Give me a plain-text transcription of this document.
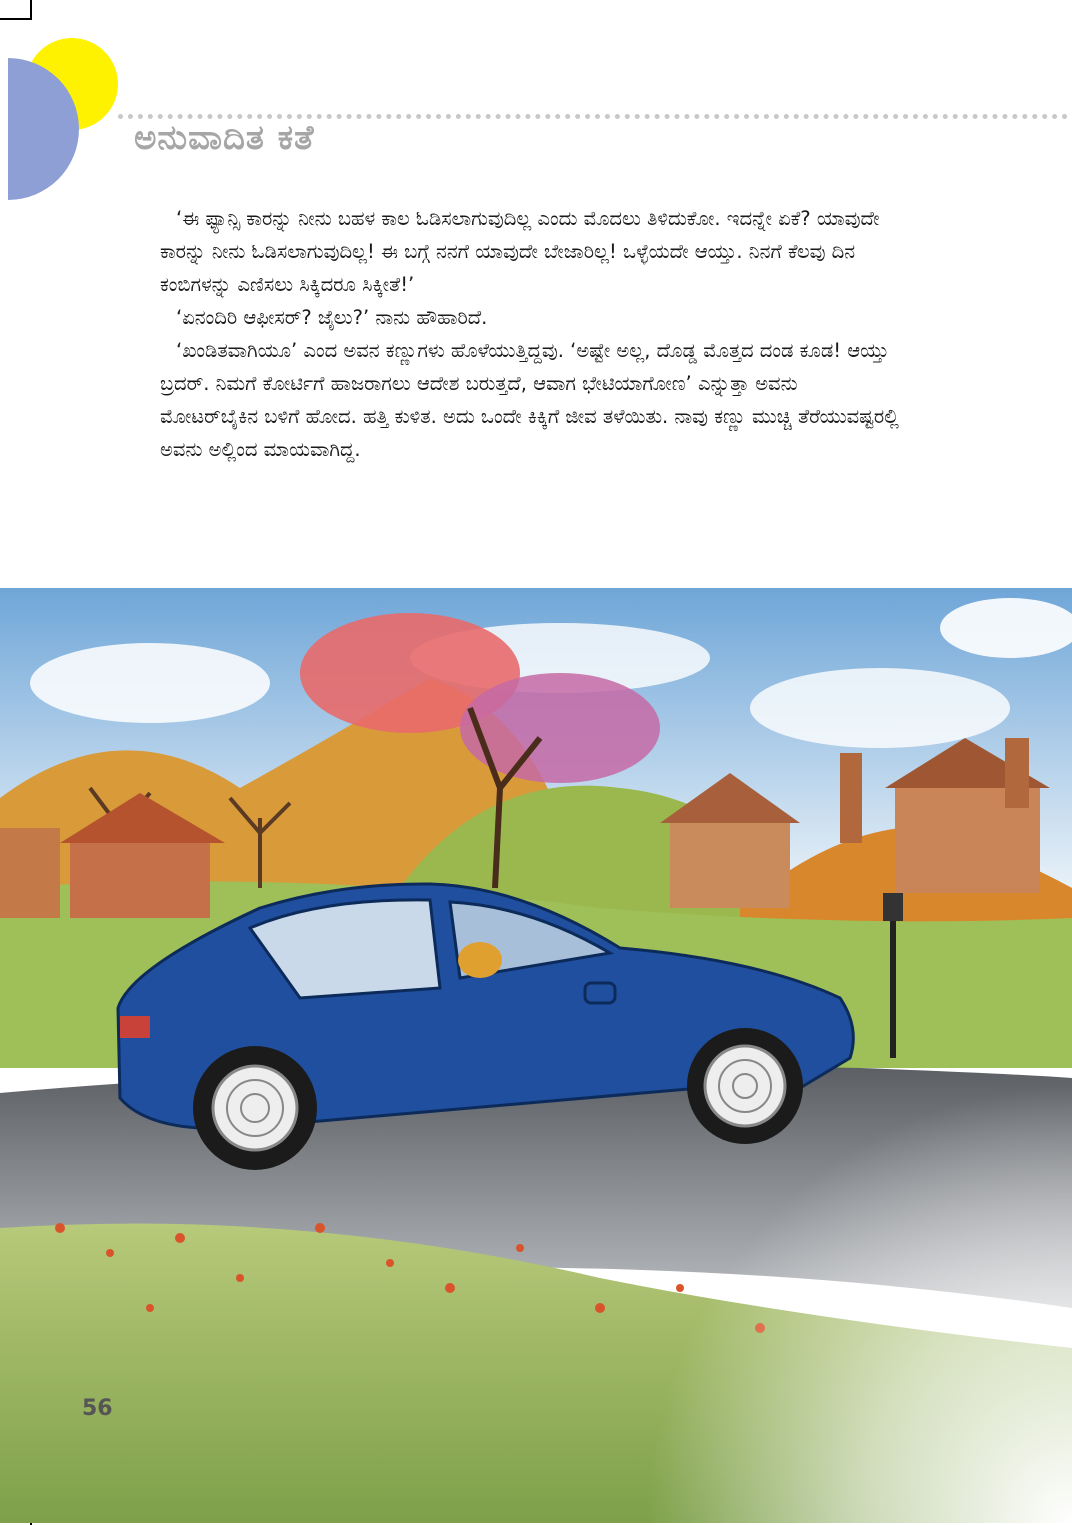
ಅನುವಾದಿತ ಕತೆ

‘ಈ ಫ್ಯಾನ್ಸಿ ಕಾರನ್ನು ನೀನು ಬಹಳ ಕಾಲ ಓಡಿಸಲಾಗುವುದಿಲ್ಲ ಎಂದು ಮೊದಲು ತಿಳಿದುಕೋ. ಇದನ್ನೇ ಏಕೆ? ಯಾವುದೇ ಕಾರನ್ನು ನೀನು ಓಡಿಸಲಾಗುವುದಿಲ್ಲ! ಈ ಬಗ್ಗೆ ನನಗೆ ಯಾವುದೇ ಬೇಜಾರಿಲ್ಲ! ಒಳ್ಳೆಯದೇ ಆಯ್ತು. ನಿನಗೆ ಕೆಲವು ದಿನ ಕಂಬಿಗಳನ್ನು ಎಣಿಸಲು ಸಿಕ್ಕಿದರೂ ಸಿಕ್ಕೀತೆ!’

‘ಏನಂದಿರಿ ಆಫೀಸರ್? ಜೈಲು?’ ನಾನು ಹೌಹಾರಿದೆ.

‘ಖಂಡಿತವಾಗಿಯೂ’ ಎಂದ ಅವನ ಕಣ್ಣುಗಳು ಹೊಳೆಯುತ್ತಿದ್ದವು. ‘ಅಷ್ಟೇ ಅಲ್ಲ, ದೊಡ್ಡ ಮೊತ್ತದ ದಂಡ ಕೂಡ! ಆಯ್ತು ಬ್ರದರ್. ನಿಮಗೆ ಕೋರ್ಟಿಗೆ ಹಾಜರಾಗಲು ಆದೇಶ ಬರುತ್ತದೆ, ಆವಾಗ ಭೇಟಿಯಾಗೋಣ’ ಎನ್ನುತ್ತಾ ಅವನು ಮೋಟರ್‌ಬೈಕಿನ ಬಳಿಗೆ ಹೋದ. ಹತ್ತಿ ಕುಳಿತ. ಅದು ಒಂದೇ ಕಿಕ್ಕಿಗೆ ಜೀವ ತಳೆಯಿತು. ನಾವು ಕಣ್ಣು ಮುಚ್ಚಿ ತೆರೆಯುವಷ್ಟರಲ್ಲಿ ಅವನು ಅಲ್ಲಿಂದ ಮಾಯವಾಗಿದ್ದ.

56
